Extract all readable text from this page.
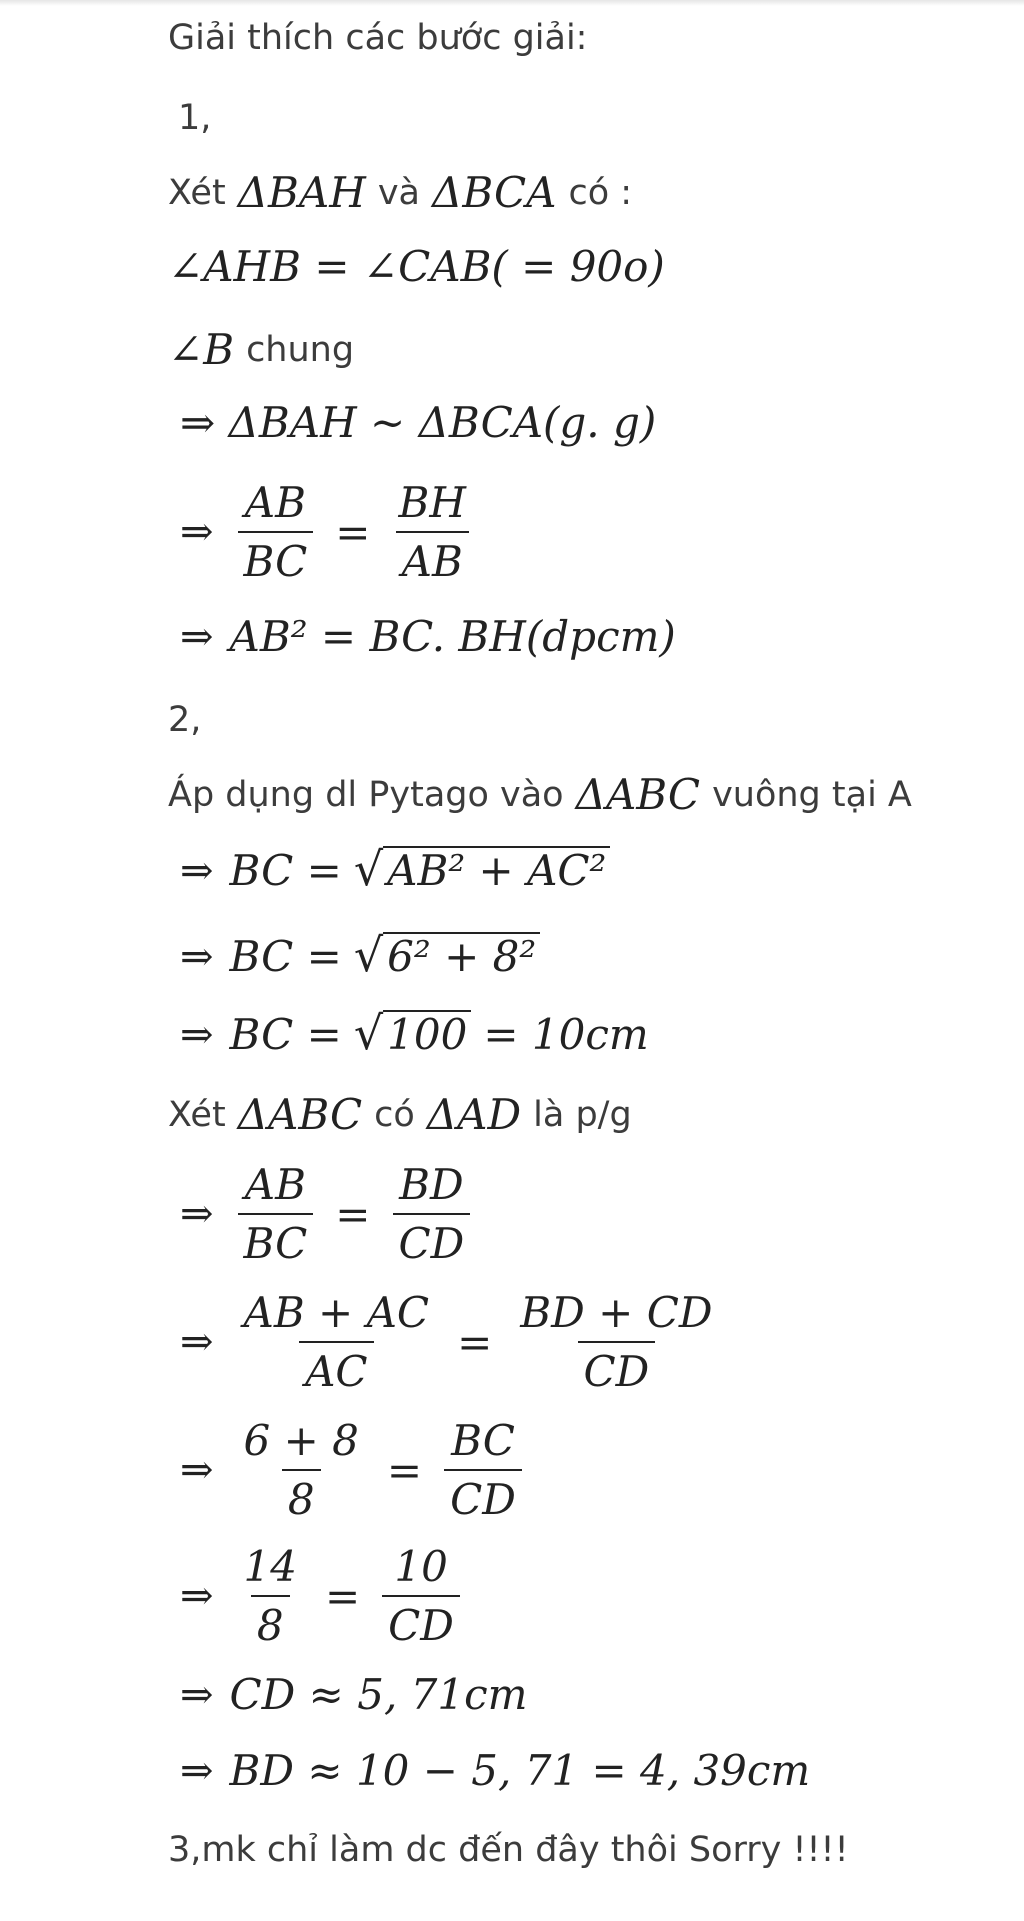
Giải thích các bước giải:
1,
Xét ΔBAH và ΔBCA có :
∠AHB = ∠CAB( = 90o)
∠B chung
⇒ ΔBAH ~ ΔBCA(g. g)
⇒ $\frac{AB}{BC} = \frac{BH}{AB}$
⇒ AB² = BC. BH(dpcm)
2,
Áp dụng dl Pytago vào ΔABC vuông tại A
⇒ BC = √ AB² + AC²
⇒ BC = √ 6² + 8²
⇒ BC = √ 100 = 10cm
Xét ΔABC có ΔAD là p/g
⇒ $\frac{AB}{BC} = \frac{BD}{CD}$
⇒ $\frac{AB + AC}{AC} = \frac{BD + CD}{CD}$
⇒ $\frac{6 + 8}{8} = \frac{BC}{CD}$
⇒ $\frac{14}{8} = \frac{10}{CD}$
⇒ CD ≈ 5, 71cm
⇒ BD ≈ 10 − 5, 71 = 4, 39cm
3,mk chỉ làm dc đến đây thôi Sorry !!!!
